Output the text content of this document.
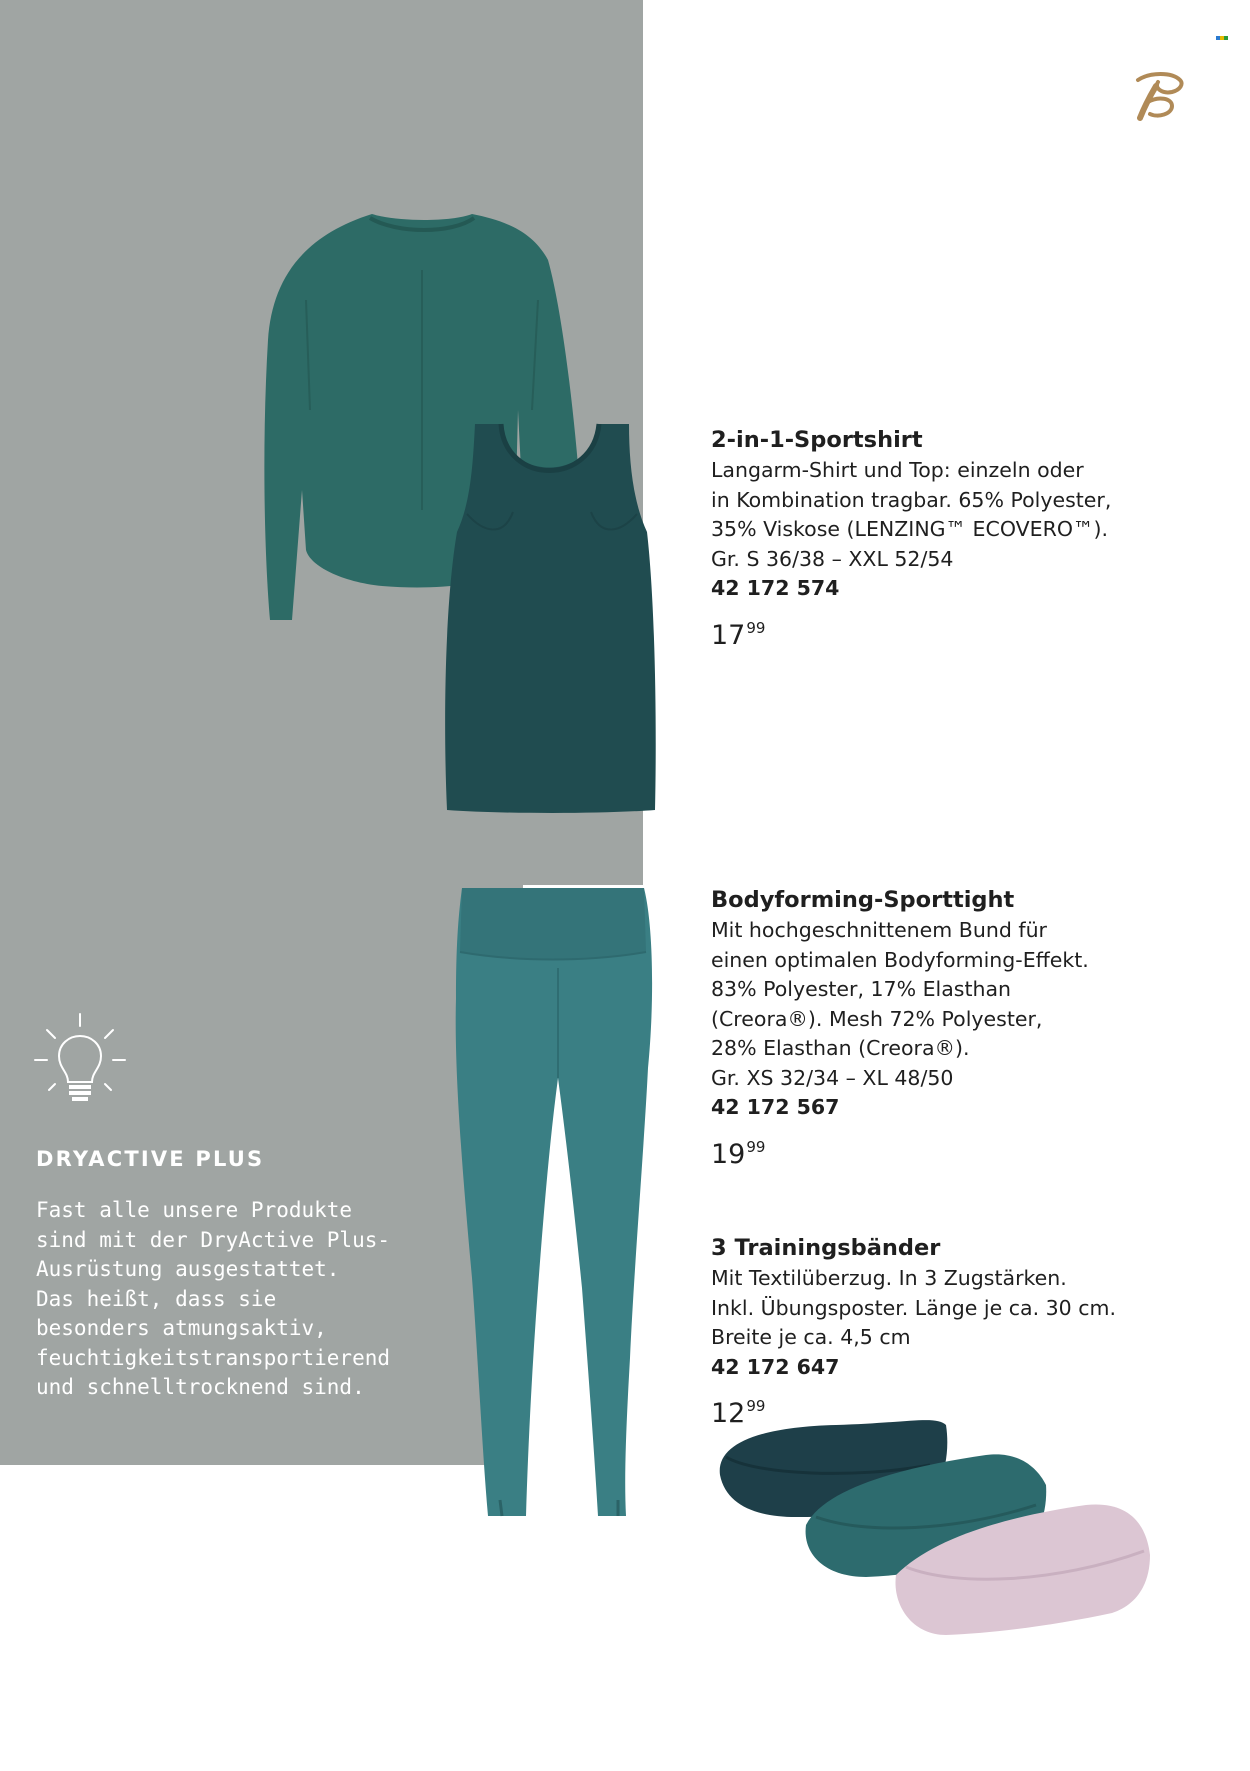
DRYACTIVE PLUS
Fast alle unsere Produkte
sind mit der DryActive Plus-
Ausrüstung ausgestattet.
Das heißt, dass sie
besonders atmungsaktiv,
feuchtigkeitstransportierend
und schnelltrocknend sind.
2-in-1-Sportshirt
Langarm-Shirt und Top: einzeln oder
in Kombination tragbar. 65% Polyester,
35% Viskose (LENZING™ ECOVERO™).
Gr. S 36/38 – XXL 52/54
42 172 574
$17^{99}$
Bodyforming-Sporttight
Mit hochgeschnittenem Bund für
einen optimalen Bodyforming-Effekt.
83% Polyester, 17% Elasthan
(Creora®). Mesh 72% Polyester,
28% Elasthan (Creora®).
Gr. XS 32/34 – XL 48/50
42 172 567
$19^{99}$
3 Trainingsbänder
Mit Textilüberzug. In 3 Zugstärken.
Inkl. Übungsposter. Länge je ca. 30 cm.
Breite je ca. 4,5 cm
42 172 647
$12^{99}$
